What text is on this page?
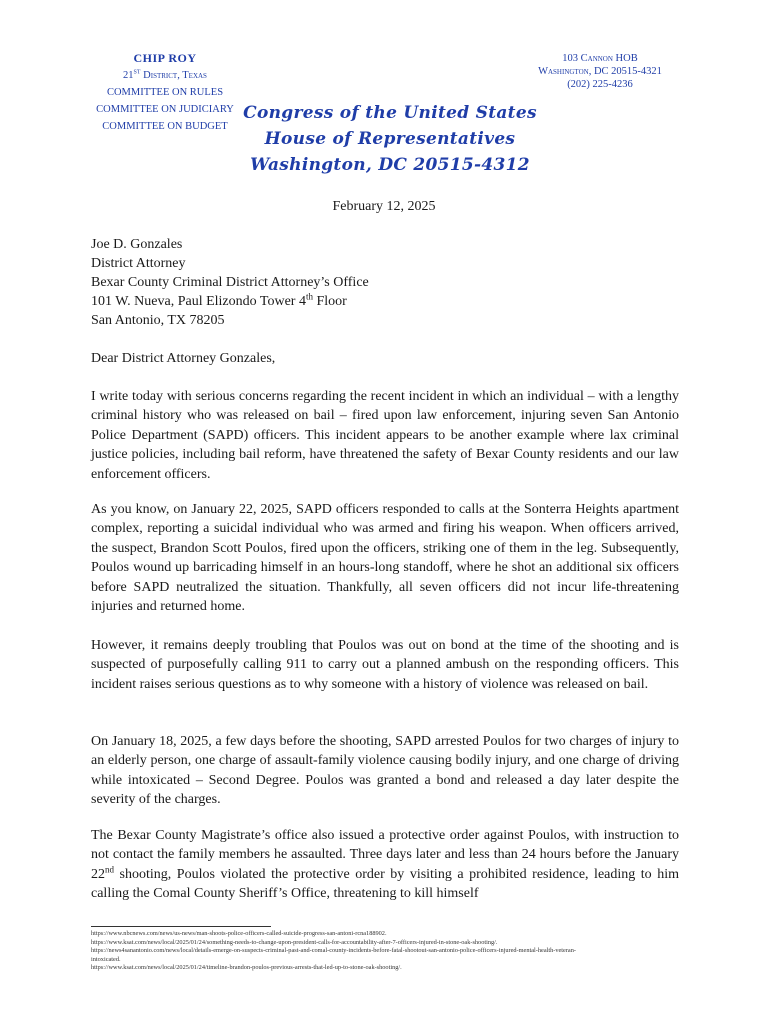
CHIP ROY
21st District, Texas
COMMITTEE ON RULES
COMMITTEE ON JUDICIARY
COMMITTEE ON BUDGET
103 Cannon HOB
Washington, DC 20515-4321
(202) 225-4236
Congress of the United States
House of Representatives
Washington, DC 20515-4312
February 12, 2025
Joe D. Gonzales
District Attorney
Bexar County Criminal District Attorney’s Office
101 W. Nueva, Paul Elizondo Tower 4th Floor
San Antonio, TX 78205

Dear District Attorney Gonzales,

I write today with serious concerns regarding the recent incident in which an individual – with a lengthy criminal history who was released on bail – fired upon law enforcement, injuring seven San Antonio Police Department (SAPD) officers. This incident appears to be another example where lax criminal justice policies, including bail reform, have threatened the safety of Bexar County residents and our law enforcement officers.

As you know, on January 22, 2025, SAPD officers responded to calls at the Sonterra Heights apartment complex, reporting a suicidal individual who was armed and firing his weapon. When officers arrived, the suspect, Brandon Scott Poulos, fired upon the officers, striking one of them in the leg. Subsequently, Poulos wound up barricading himself in an hours-long standoff, where he shot an additional six officers before SAPD neutralized the situation. Thankfully, all seven officers did not incur life-threatening injuries and returned home.

However, it remains deeply troubling that Poulos was out on bond at the time of the shooting and is suspected of purposefully calling 911 to carry out a planned ambush on the responding officers. This incident raises serious questions as to why someone with a history of violence was released on bail.

On January 18, 2025, a few days before the shooting, SAPD arrested Poulos for two charges of injury to an elderly person, one charge of assault-family violence causing bodily injury, and one charge of driving while intoxicated – Second Degree. Poulos was granted a bond and released a day later despite the severity of the charges.

The Bexar County Magistrate’s office also issued a protective order against Poulos, with instruction to not contact the family members he assaulted. Three days later and less than 24 hours before the January 22nd shooting, Poulos violated the protective order by visiting a prohibited residence, leading to him calling the Comal County Sheriff’s Office, threatening to kill himself

https://www.nbcnews.com/news/us-news/man-shoots-police-officers-called-suicide-progress-san-antoni-rcna188902.
https://www.ksat.com/news/local/2025/01/24/something-needs-to-change-upon-president-calls-for-accountability-after-7-officers-injured-in-stone-oak-shooting/.
https://news4sanantonio.com/news/local/details-emerge-on-suspects-criminal-past-and-comal-county-incidents-before-fatal-shootout-san-antonio-police-officers-injured-mental-health-veteran-
intoxicated.
https://www.ksat.com/news/local/2025/01/24/timeline-brandon-poulos-previous-arrests-that-led-up-to-stone-oak-shooting/.
